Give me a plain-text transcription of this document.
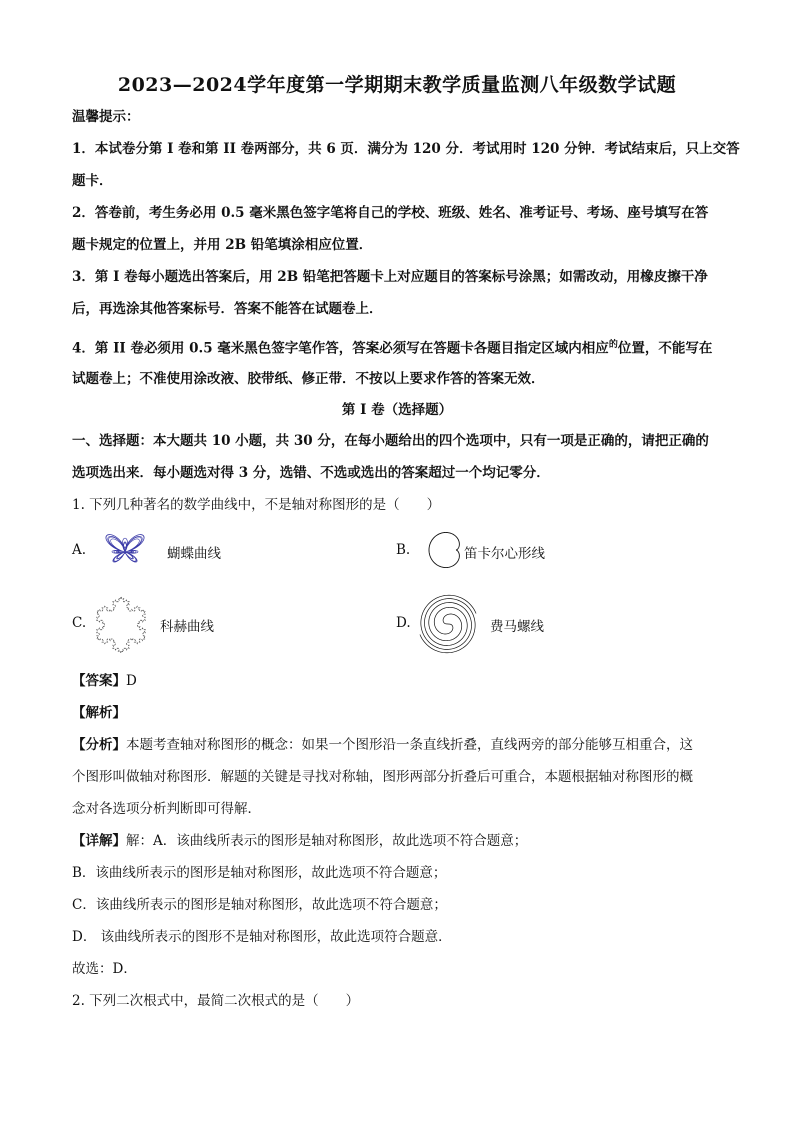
2023—2024学年度第一学期期末教学质量监测八年级数学试题
温馨提示：
1．本试卷分第 I 卷和第 II 卷两部分，共 6 页．满分为 120 分．考试用时 120 分钟．考试结束后，只上交答
题卡．
2．答卷前，考生务必用 0.5 毫米黑色签字笔将自己的学校、班级、姓名、准考证号、考场、座号填写在答
题卡规定的位置上，并用 2B 铅笔填涂相应位置．
3．第 I 卷每小题选出答案后，用 2B 铅笔把答题卡上对应题目的答案标号涂黑；如需改动，用橡皮擦干净
后，再选涂其他答案标号．答案不能答在试题卷上．
4．第 II 卷必须用 0.5 毫米黑色签字笔作答，答案必须写在答题卡各题目指定区域内相应$^的$位置，不能写在
试题卷上；不准使用涂改液、胶带纸、修正带．不按以上要求作答的答案无效．
第 I 卷（选择题）
一、选择题：本大题共 10 小题，共 30 分，在每小题给出的四个选项中，只有一项是正确的，请把正确的
选项选出来．每小题选对得 3 分，选错、不选或选出的答案超过一个均记零分．
1. 下列几种著名的数学曲线中，不是轴对称图形的是（　　）
A.	蝴蝶曲线	B.	笛卡尔心形线
C.	科赫曲线	D.	费马螺线
【答案】D
【解析】
【分析】本题考查轴对称图形的概念：如果一个图形沿一条直线折叠，直线两旁的部分能够互相重合，这
个图形叫做轴对称图形．解题的关键是寻找对称轴，图形两部分折叠后可重合，本题根据轴对称图形的概
念对各选项分析判断即可得解．
【详解】解：A．该曲线所表示的图形是轴对称图形，故此选项不符合题意；
B．该曲线所表示的图形是轴对称图形，故此选项不符合题意；
C．该曲线所表示的图形是轴对称图形，故此选项不符合题意；
D． 该曲线所表示的图形不是轴对称图形，故此选项符合题意．
故选：D．
2. 下列二次根式中，最简二次根式的是（　　）
